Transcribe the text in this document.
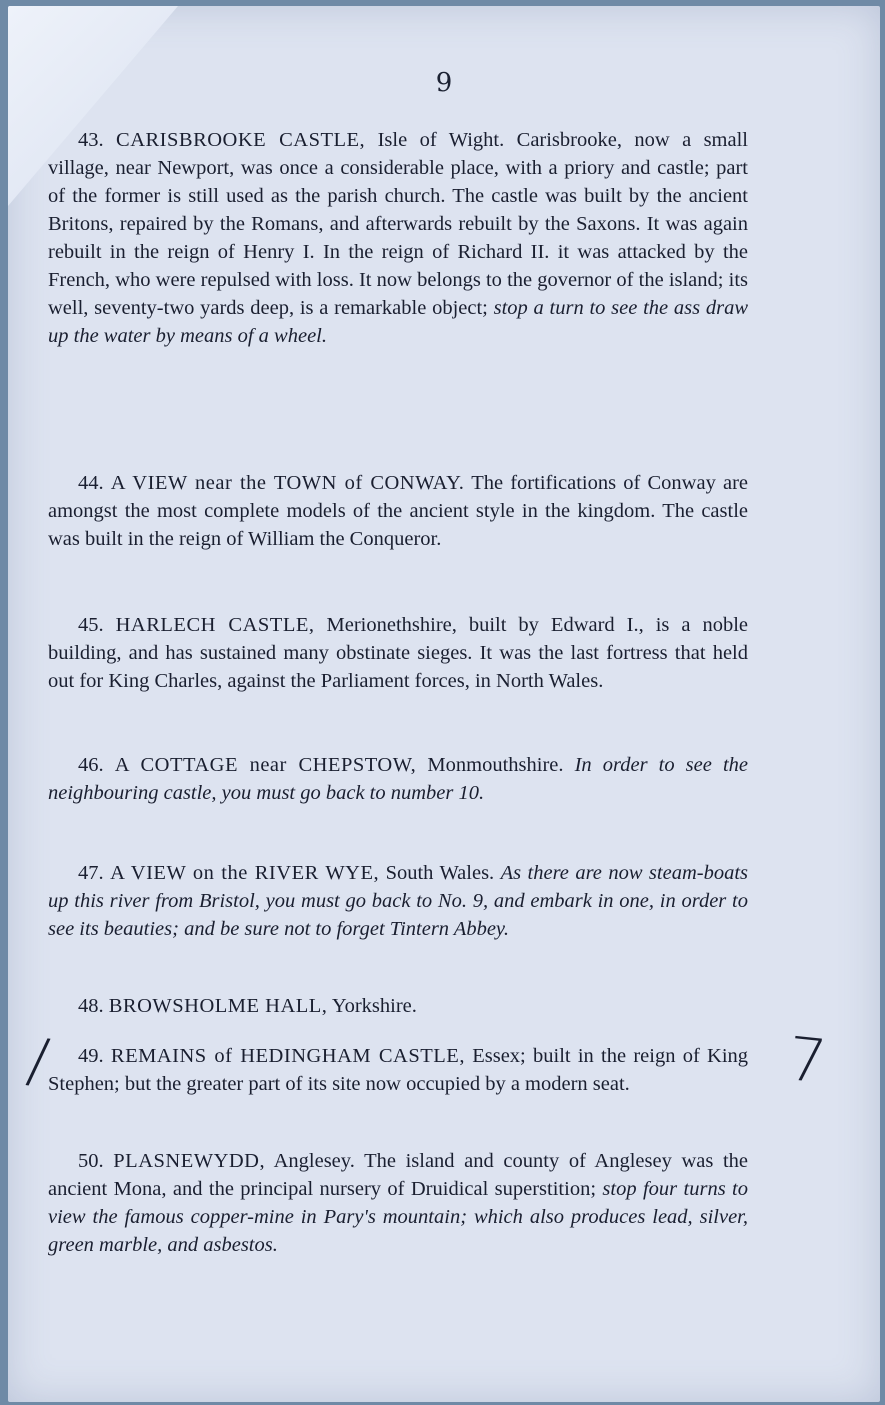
9

43. CARISBROOKE CASTLE, Isle of Wight. Carisbrooke, now a small village, near Newport, was once a considerable place, with a priory and castle; part of the former is still used as the parish church. The castle was built by the ancient Britons, repaired by the Romans, and afterwards rebuilt by the Saxons. It was again rebuilt in the reign of Henry I. In the reign of Richard II. it was attacked by the French, who were repulsed with loss. It now belongs to the governor of the island; its well, seventy-two yards deep, is a remarkable object; stop a turn to see the ass draw up the water by means of a wheel.

44. A VIEW near the TOWN of CONWAY. The fortifications of Conway are amongst the most complete models of the ancient style in the kingdom. The castle was built in the reign of William the Conqueror.

45. HARLECH CASTLE, Merionethshire, built by Edward I., is a noble building, and has sustained many obstinate sieges. It was the last fortress that held out for King Charles, against the Parliament forces, in North Wales.

46. A COTTAGE near CHEPSTOW, Monmouthshire. In order to see the neighbouring castle, you must go back to number 10.

47. A VIEW on the RIVER WYE, South Wales. As there are now steam-boats up this river from Bristol, you must go back to No. 9, and embark in one, in order to see its beauties; and be sure not to forget Tintern Abbey.

48. BROWSHOLME HALL, Yorkshire.

49. REMAINS of HEDINGHAM CASTLE, Essex; built in the reign of King Stephen; but the greater part of its site now occupied by a modern seat.

50. PLASNEWYDD, Anglesey. The island and county of Anglesey was the ancient Mona, and the principal nursery of Druidical superstition; stop four turns to view the famous copper-mine in Pary's mountain; which also produces lead, silver, green marble, and asbestos.

/	7
